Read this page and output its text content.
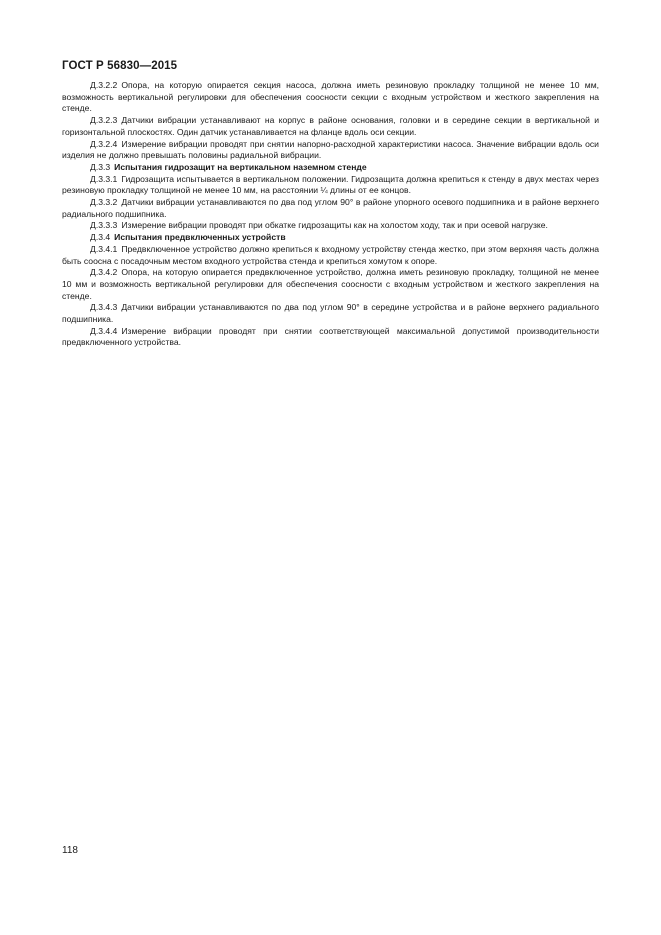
ГОСТ Р 56830—2015

Д.3.2.2 Опора, на которую опирается секция насоса, должна иметь резиновую прокладку толщиной не менее 10 мм, возможность вертикальной регулировки для обеспечения соосности секции с входным устройством и жесткого закрепления на стенде.

Д.3.2.3 Датчики вибрации устанавливают на корпус в районе основания, головки и в середине секции в вертикальной и горизонтальной плоскостях. Один датчик устанавливается на фланце вдоль оси секции.

Д.3.2.4 Измерение вибрации проводят при снятии напорно-расходной характеристики насоса. Значение вибрации вдоль оси изделия не должно превышать половины радиальной вибрации.

Д.3.3 Испытания гидрозащит на вертикальном наземном стенде

Д.3.3.1 Гидрозащита испытывается в вертикальном положении. Гидрозащита должна крепиться к стенду в двух местах через резиновую прокладку толщиной не менее 10 мм, на расстоянии ¼ длины от ее концов.

Д.3.3.2 Датчики вибрации устанавливаются по два под углом 90° в районе упорного осевого подшипника и в районе верхнего радиального подшипника.

Д.3.3.3 Измерение вибрации проводят при обкатке гидрозащиты как на холостом ходу, так и при осевой нагрузке.

Д.3.4 Испытания предвключенных устройств

Д.3.4.1 Предвключенное устройство должно крепиться к входному устройству стенда жестко, при этом верхняя часть должна быть соосна с посадочным местом входного устройства стенда и крепиться хомутом к опоре.

Д.3.4.2 Опора, на которую опирается предвключенное устройство, должна иметь резиновую прокладку, толщиной не менее 10 мм и возможность вертикальной регулировки для обеспечения соосности с входным устройством и жесткого закрепления на стенде.

Д.3.4.3 Датчики вибрации устанавливаются по два под углом 90° в середине устройства и в районе верхнего радиального подшипника.

Д.3.4.4 Измерение вибрации проводят при снятии соответствующей максимальной допустимой производительности предвключенного устройства.

118
